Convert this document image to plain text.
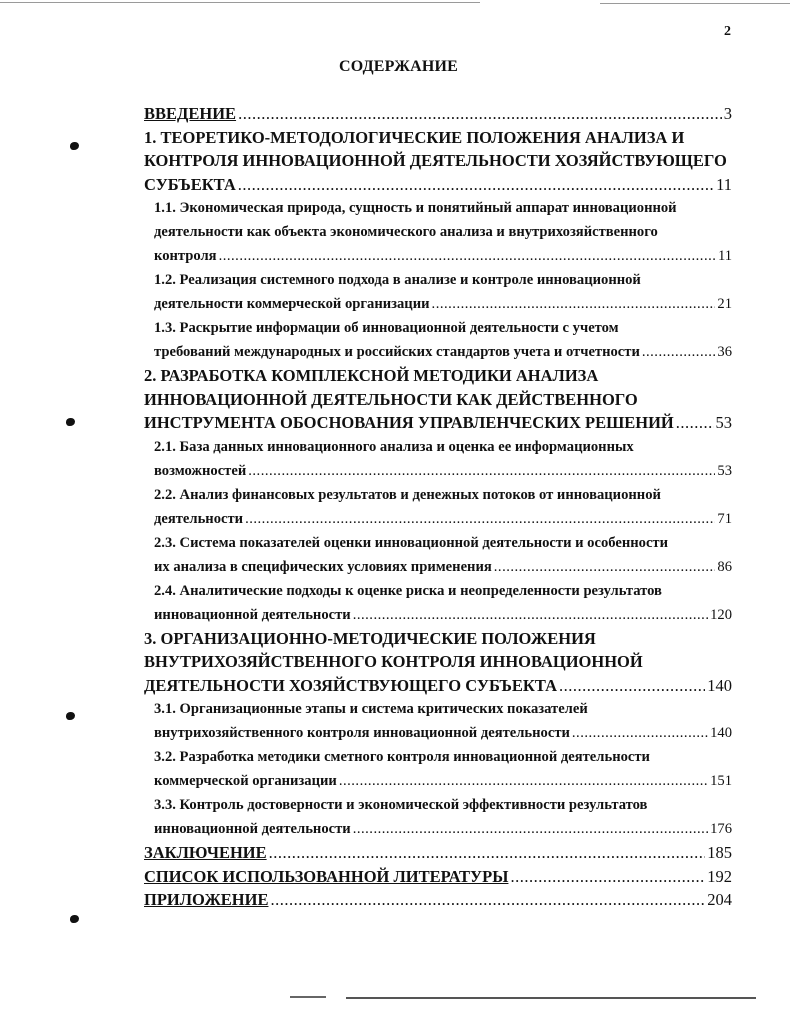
2
СОДЕРЖАНИЕ
ВВЕДЕНИЕ .....	3
1. ТЕОРЕТИКО-МЕТОДОЛОГИЧЕСКИЕ ПОЛОЖЕНИЯ АНАЛИЗА И
КОНТРОЛЯ ИННОВАЦИОННОЙ ДЕЯТЕЛЬНОСТИ ХОЗЯЙСТВУЮЩЕГО
СУБЪЕКТА .....	11
1.1. Экономическая природа, сущность и понятийный аппарат инновационной
деятельности как объекта экономического анализа и внутрихозяйственного
контроля .....	11
1.2. Реализация системного подхода в анализе и контроле инновационной
деятельности коммерческой организации .....	21
1.3. Раскрытие информации об инновационной деятельности с учетом
требований международных и российских стандартов учета и отчетности .....	36
2. РАЗРАБОТКА КОМПЛЕКСНОЙ МЕТОДИКИ АНАЛИЗА
ИННОВАЦИОННОЙ ДЕЯТЕЛЬНОСТИ КАК ДЕЙСТВЕННОГО
ИНСТРУМЕНТА ОБОСНОВАНИЯ УПРАВЛЕНЧЕСКИХ РЕШЕНИЙ .....	53
2.1. База данных инновационного анализа и оценка ее информационных
возможностей .....	53
2.2. Анализ финансовых результатов и денежных потоков от инновационной
деятельности .....	71
2.3. Система показателей оценки инновационной деятельности и особенности
их анализа в специфических условиях применения .....	86
2.4. Аналитические подходы к оценке риска и неопределенности результатов
инновационной деятельности .....	120
3. ОРГАНИЗАЦИОННО-МЕТОДИЧЕСКИЕ ПОЛОЖЕНИЯ
ВНУТРИХОЗЯЙСТВЕННОГО КОНТРОЛЯ ИННОВАЦИОННОЙ
ДЕЯТЕЛЬНОСТИ ХОЗЯЙСТВУЮЩЕГО СУБЪЕКТА .....	140
3.1. Организационные этапы и система критических показателей
внутрихозяйственного контроля инновационной деятельности .....	140
3.2. Разработка методики сметного контроля инновационной деятельности
коммерческой организации .....	151
3.3. Контроль достоверности и экономической эффективности результатов
инновационной деятельности .....	176
ЗАКЛЮЧЕНИЕ .....	185
СПИСОК ИСПОЛЬЗОВАННОЙ ЛИТЕРАТУРЫ .....	192
ПРИЛОЖЕНИЕ .....	204
